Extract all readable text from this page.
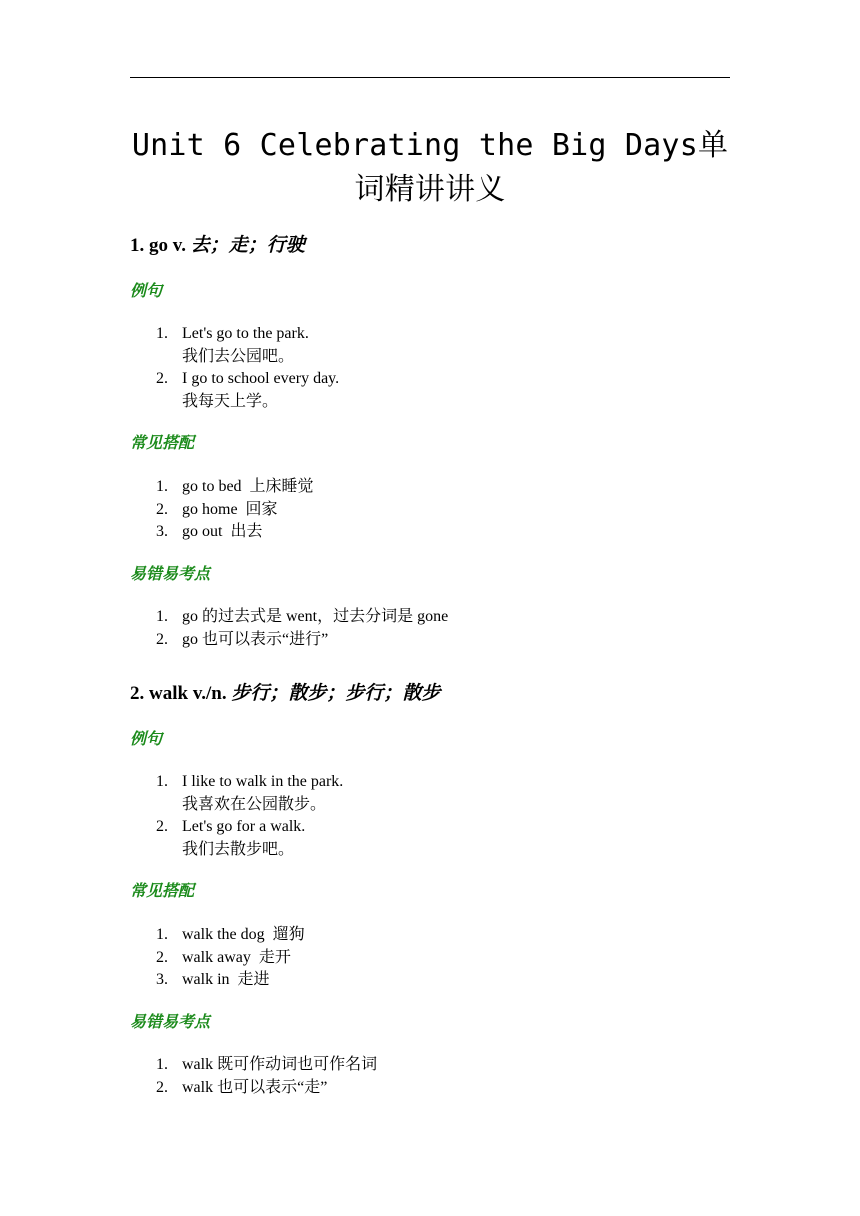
Unit 6 Celebrating the Big Days单词精讲讲义

1. go v. 去；走；行驶

例句

1. Let's go to the park.
我们去公园吧。
2. I go to school every day.
我每天上学。

常见搭配

1. go to bed  上床睡觉
2. go home  回家
3. go out  出去

易错易考点

1. go 的过去式是 went，过去分词是 gone
2. go 也可以表示“进行”

2. walk v./n. 步行；散步；步行；散步

例句

1. I like to walk in the park.
我喜欢在公园散步。
2. Let's go for a walk.
我们去散步吧。

常见搭配

1. walk the dog  遛狗
2. walk away  走开
3. walk in  走进

易错易考点

1. walk 既可作动词也可作名词
2. walk 也可以表示“走”
